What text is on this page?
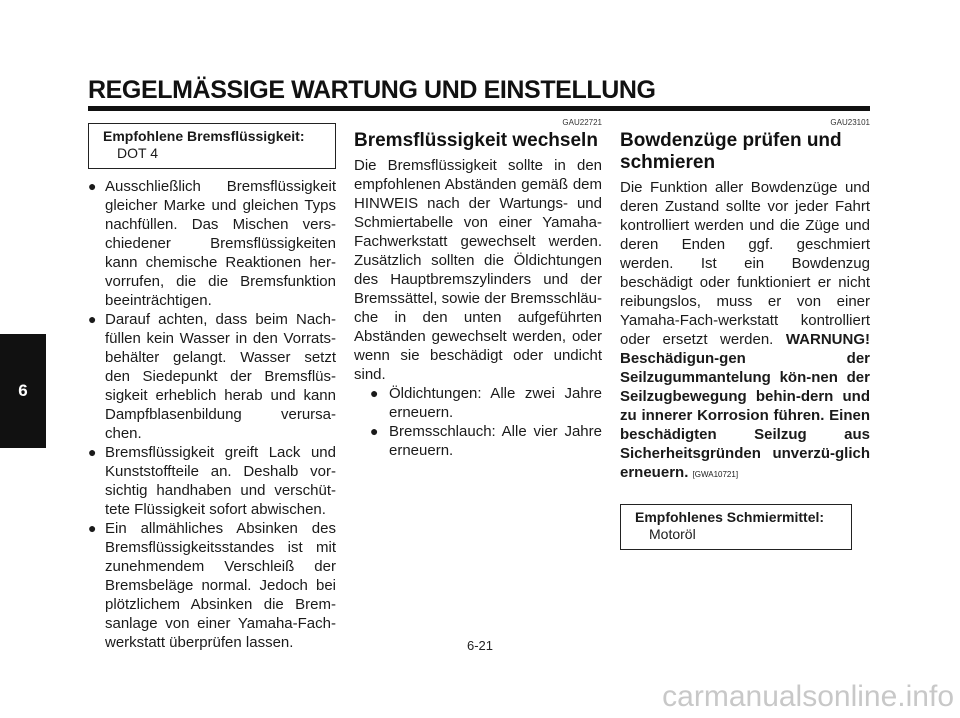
REGELMÄSSIGE WARTUNG UND EINSTELLUNG
6
Empfohlene Bremsflüssigkeit:
DOT 4
● Ausschließlich Bremsflüssigkeit gleicher Marke und gleichen Typs nachfüllen. Das Mischen vers-chiedener Bremsflüssigkeiten kann chemische Reaktionen her-vorrufen, die die Bremsfunktion beeinträchtigen.
● Darauf achten, dass beim Nach-füllen kein Wasser in den Vorrats-behälter gelangt. Wasser setzt den Siedepunkt der Bremsflüs-sigkeit erheblich herab und kann Dampfblasenbildung verursa-chen.
● Bremsflüssigkeit greift Lack und Kunststoffteile an. Deshalb vor-sichtig handhaben und verschüt-tete Flüssigkeit sofort abwischen.
● Ein allmähliches Absinken des Bremsflüssigkeitsstandes ist mit zunehmendem Verschleiß der Bremsbeläge normal. Jedoch bei plötzlichem Absinken die Brem-sanlage von einer Yamaha-Fach-werkstatt überprüfen lassen.
GAU22721
Bremsflüssigkeit wechseln

Die Bremsflüssigkeit sollte in den empfohlenen Abständen gemäß dem HINWEIS nach der Wartungs- und Schmiertabelle von einer Yamaha-Fachwerkstatt gewechselt werden. Zusätzlich sollten die Öldichtungen des Hauptbremszylinders und der Bremssättel, sowie der Bremsschläu-che in den unten aufgeführten Abständen gewechselt werden, oder wenn sie beschädigt oder undicht sind.

● Öldichtungen: Alle zwei Jahre erneuern.
● Bremsschlauch: Alle vier Jahre erneuern.
GAU23101
Bowdenzüge prüfen und schmieren

Die Funktion aller Bowdenzüge und deren Zustand sollte vor jeder Fahrt kontrolliert werden und die Züge und deren Enden ggf. geschmiert werden. Ist ein Bowdenzug beschädigt oder funktioniert er nicht reibungslos, muss er von einer Yamaha-Fach-werkstatt kontrolliert oder ersetzt werden. WARNUNG! Beschädigun-gen der Seilzugummantelung kön-nen der Seilzugbewegung behin-dern und zu innerer Korrosion führen. Einen beschädigten Seilzug aus Sicherheitsgründen unverzü-glich erneuern. [GWA10721]

Empfohlenes Schmiermittel:
Motoröl
6-21
carmanualsonline.info
